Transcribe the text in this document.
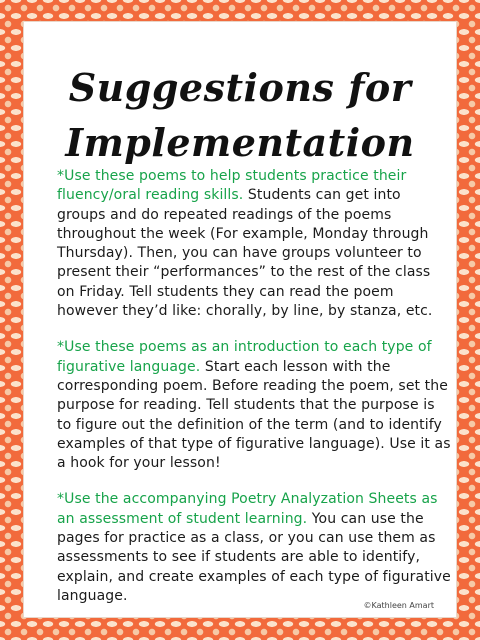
Suggestions for
Implementation

*Use these poems to help students practice their fluency/oral reading skills. Students can get into groups and do repeated readings of the poems throughout the week (For example, Monday through Thursday). Then, you can have groups volunteer to present their “performances” to the rest of the class on Friday. Tell students they can read the poem however they’d like: chorally, by line, by stanza, etc.

*Use these poems as an introduction to each type of figurative language. Start each lesson with the corresponding poem. Before reading the poem, set the purpose for reading. Tell students that the purpose is to figure out the definition of the term (and to identify examples of that type of figurative language). Use it as a hook for your lesson!

*Use the accompanying Poetry Analyzation Sheets as an assessment of student learning. You can use the pages for practice as a class, or you can use them as assessments to see if students are able to identify, explain, and create examples of each type of figurative language.

©Kathleen Amart
